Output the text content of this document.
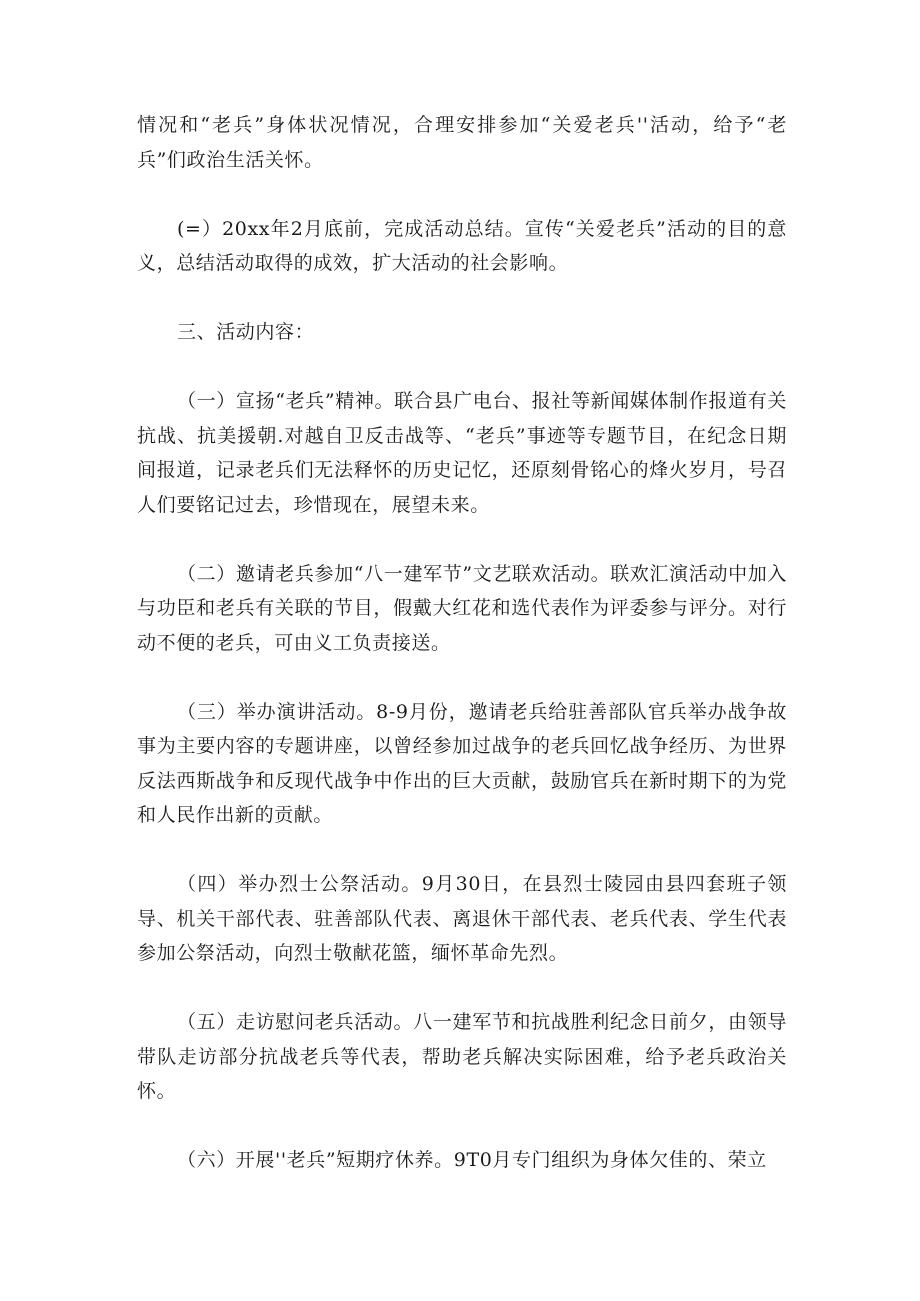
情况和“老兵”身体状况情况，合理安排参加“关爱老兵''活动，给予“老兵”们政治生活关怀。

(=）20xx年2月底前，完成活动总结。宣传“关爱老兵”活动的目的意义，总结活动取得的成效，扩大活动的社会影响。

三、活动内容：

（一）宣扬“老兵”精神。联合县广电台、报社等新闻媒体制作报道有关抗战、抗美援朝.对越自卫反击战等、“老兵”事迹等专题节目，在纪念日期间报道，记录老兵们无法释怀的历史记忆，还原刻骨铭心的烽火岁月，号召人们要铭记过去，珍惜现在，展望未来。

（二）邀请老兵参加“八一建军节”文艺联欢活动。联欢汇演活动中加入与功臣和老兵有关联的节目，假戴大红花和选代表作为评委参与评分。对行动不便的老兵，可由义工负责接送。

（三）举办演讲活动。8-9月份，邀请老兵给驻善部队官兵举办战争故事为主要内容的专题讲座，以曾经参加过战争的老兵回忆战争经历、为世界反法西斯战争和反现代战争中作出的巨大贡献，鼓励官兵在新时期下的为党和人民作出新的贡献。

（四）举办烈士公祭活动。9月30日，在县烈士陵园由县四套班子领导、机关干部代表、驻善部队代表、离退休干部代表、老兵代表、学生代表参加公祭活动，向烈士敬献花篮，缅怀革命先烈。

（五）走访慰问老兵活动。八一建军节和抗战胜利纪念日前夕，由领导带队走访部分抗战老兵等代表，帮助老兵解决实际困难，给予老兵政治关怀。

（六）开展''老兵”短期疗休养。9T0月专门组织为身体欠佳的、荣立
